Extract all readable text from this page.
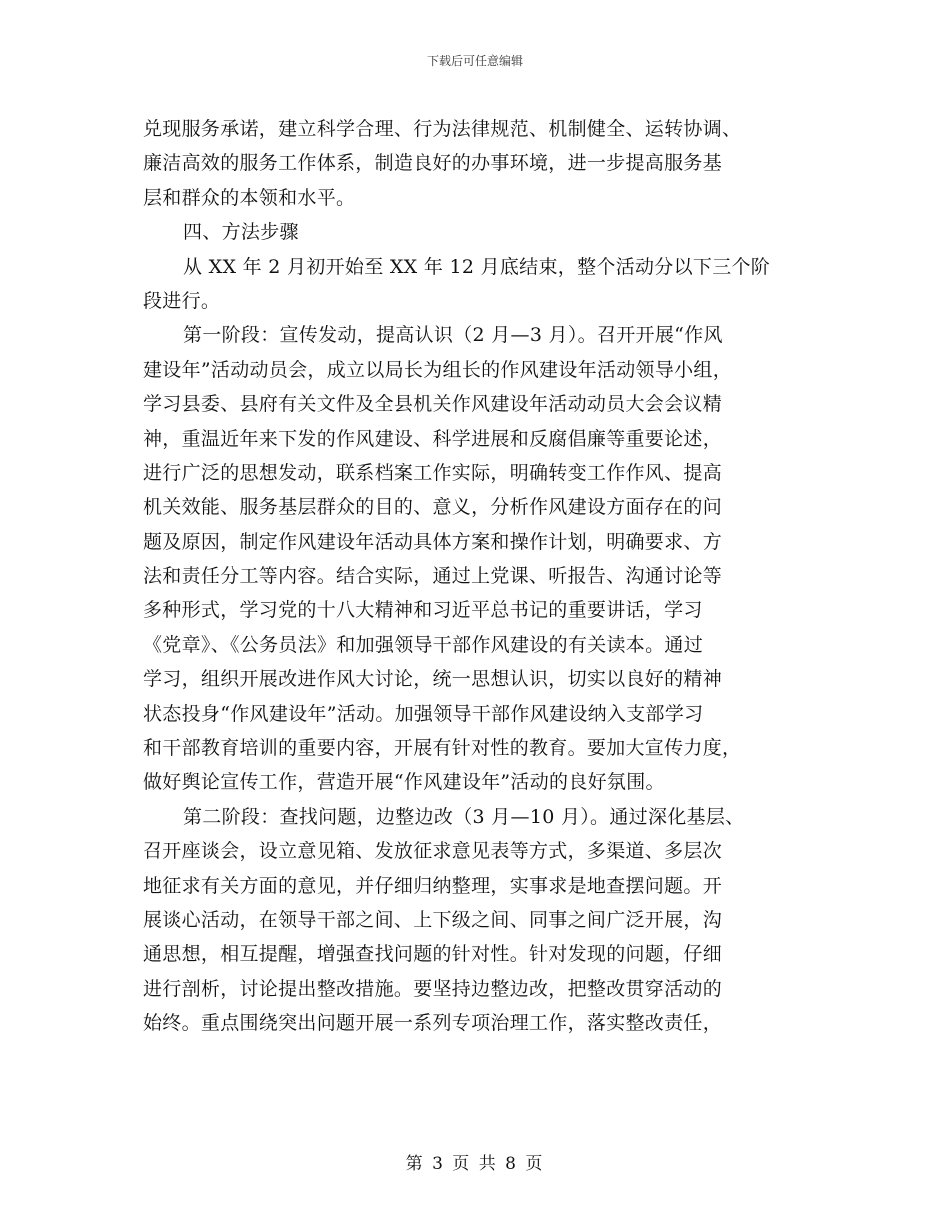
下载后可任意编辑
兑现服务承诺，建立科学合理、行为法律规范、机制健全、运转协调、
廉洁高效的服务工作体系，制造良好的办事环境，进一步提高服务基
层和群众的本领和水平。
四、方法步骤
从 XX 年 2 月初开始至 XX 年 12 月底结束，整个活动分以下三个阶
段进行。
第一阶段：宣传发动，提高认识（2 月—3 月）。召开开展“作风
建设年”活动动员会，成立以局长为组长的作风建设年活动领导小组，
学习县委、县府有关文件及全县机关作风建设年活动动员大会会议精
神，重温近年来下发的作风建设、科学进展和反腐倡廉等重要论述，
进行广泛的思想发动，联系档案工作实际，明确转变工作作风、提高
机关效能、服务基层群众的目的、意义，分析作风建设方面存在的问
题及原因，制定作风建设年活动具体方案和操作计划，明确要求、方
法和责任分工等内容。结合实际，通过上党课、听报告、沟通讨论等
多种形式，学习党的十八大精神和习近平总书记的重要讲话，学习
《党章》、《公务员法》和加强领导干部作风建设的有关读本。通过
学习，组织开展改进作风大讨论，统一思想认识，切实以良好的精神
状态投身“作风建设年”活动。加强领导干部作风建设纳入支部学习
和干部教育培训的重要内容，开展有针对性的教育。要加大宣传力度，
做好舆论宣传工作，营造开展“作风建设年”活动的良好氛围。
第二阶段：查找问题，边整边改（3 月—10 月）。通过深化基层、
召开座谈会，设立意见箱、发放征求意见表等方式，多渠道、多层次
地征求有关方面的意见，并仔细归纳整理，实事求是地查摆问题。开
展谈心活动，在领导干部之间、上下级之间、同事之间广泛开展，沟
通思想，相互提醒，增强查找问题的针对性。针对发现的问题，仔细
进行剖析，讨论提出整改措施。要坚持边整边改，把整改贯穿活动的
始终。重点围绕突出问题开展一系列专项治理工作，落实整改责任，
第 3 页 共 8 页
